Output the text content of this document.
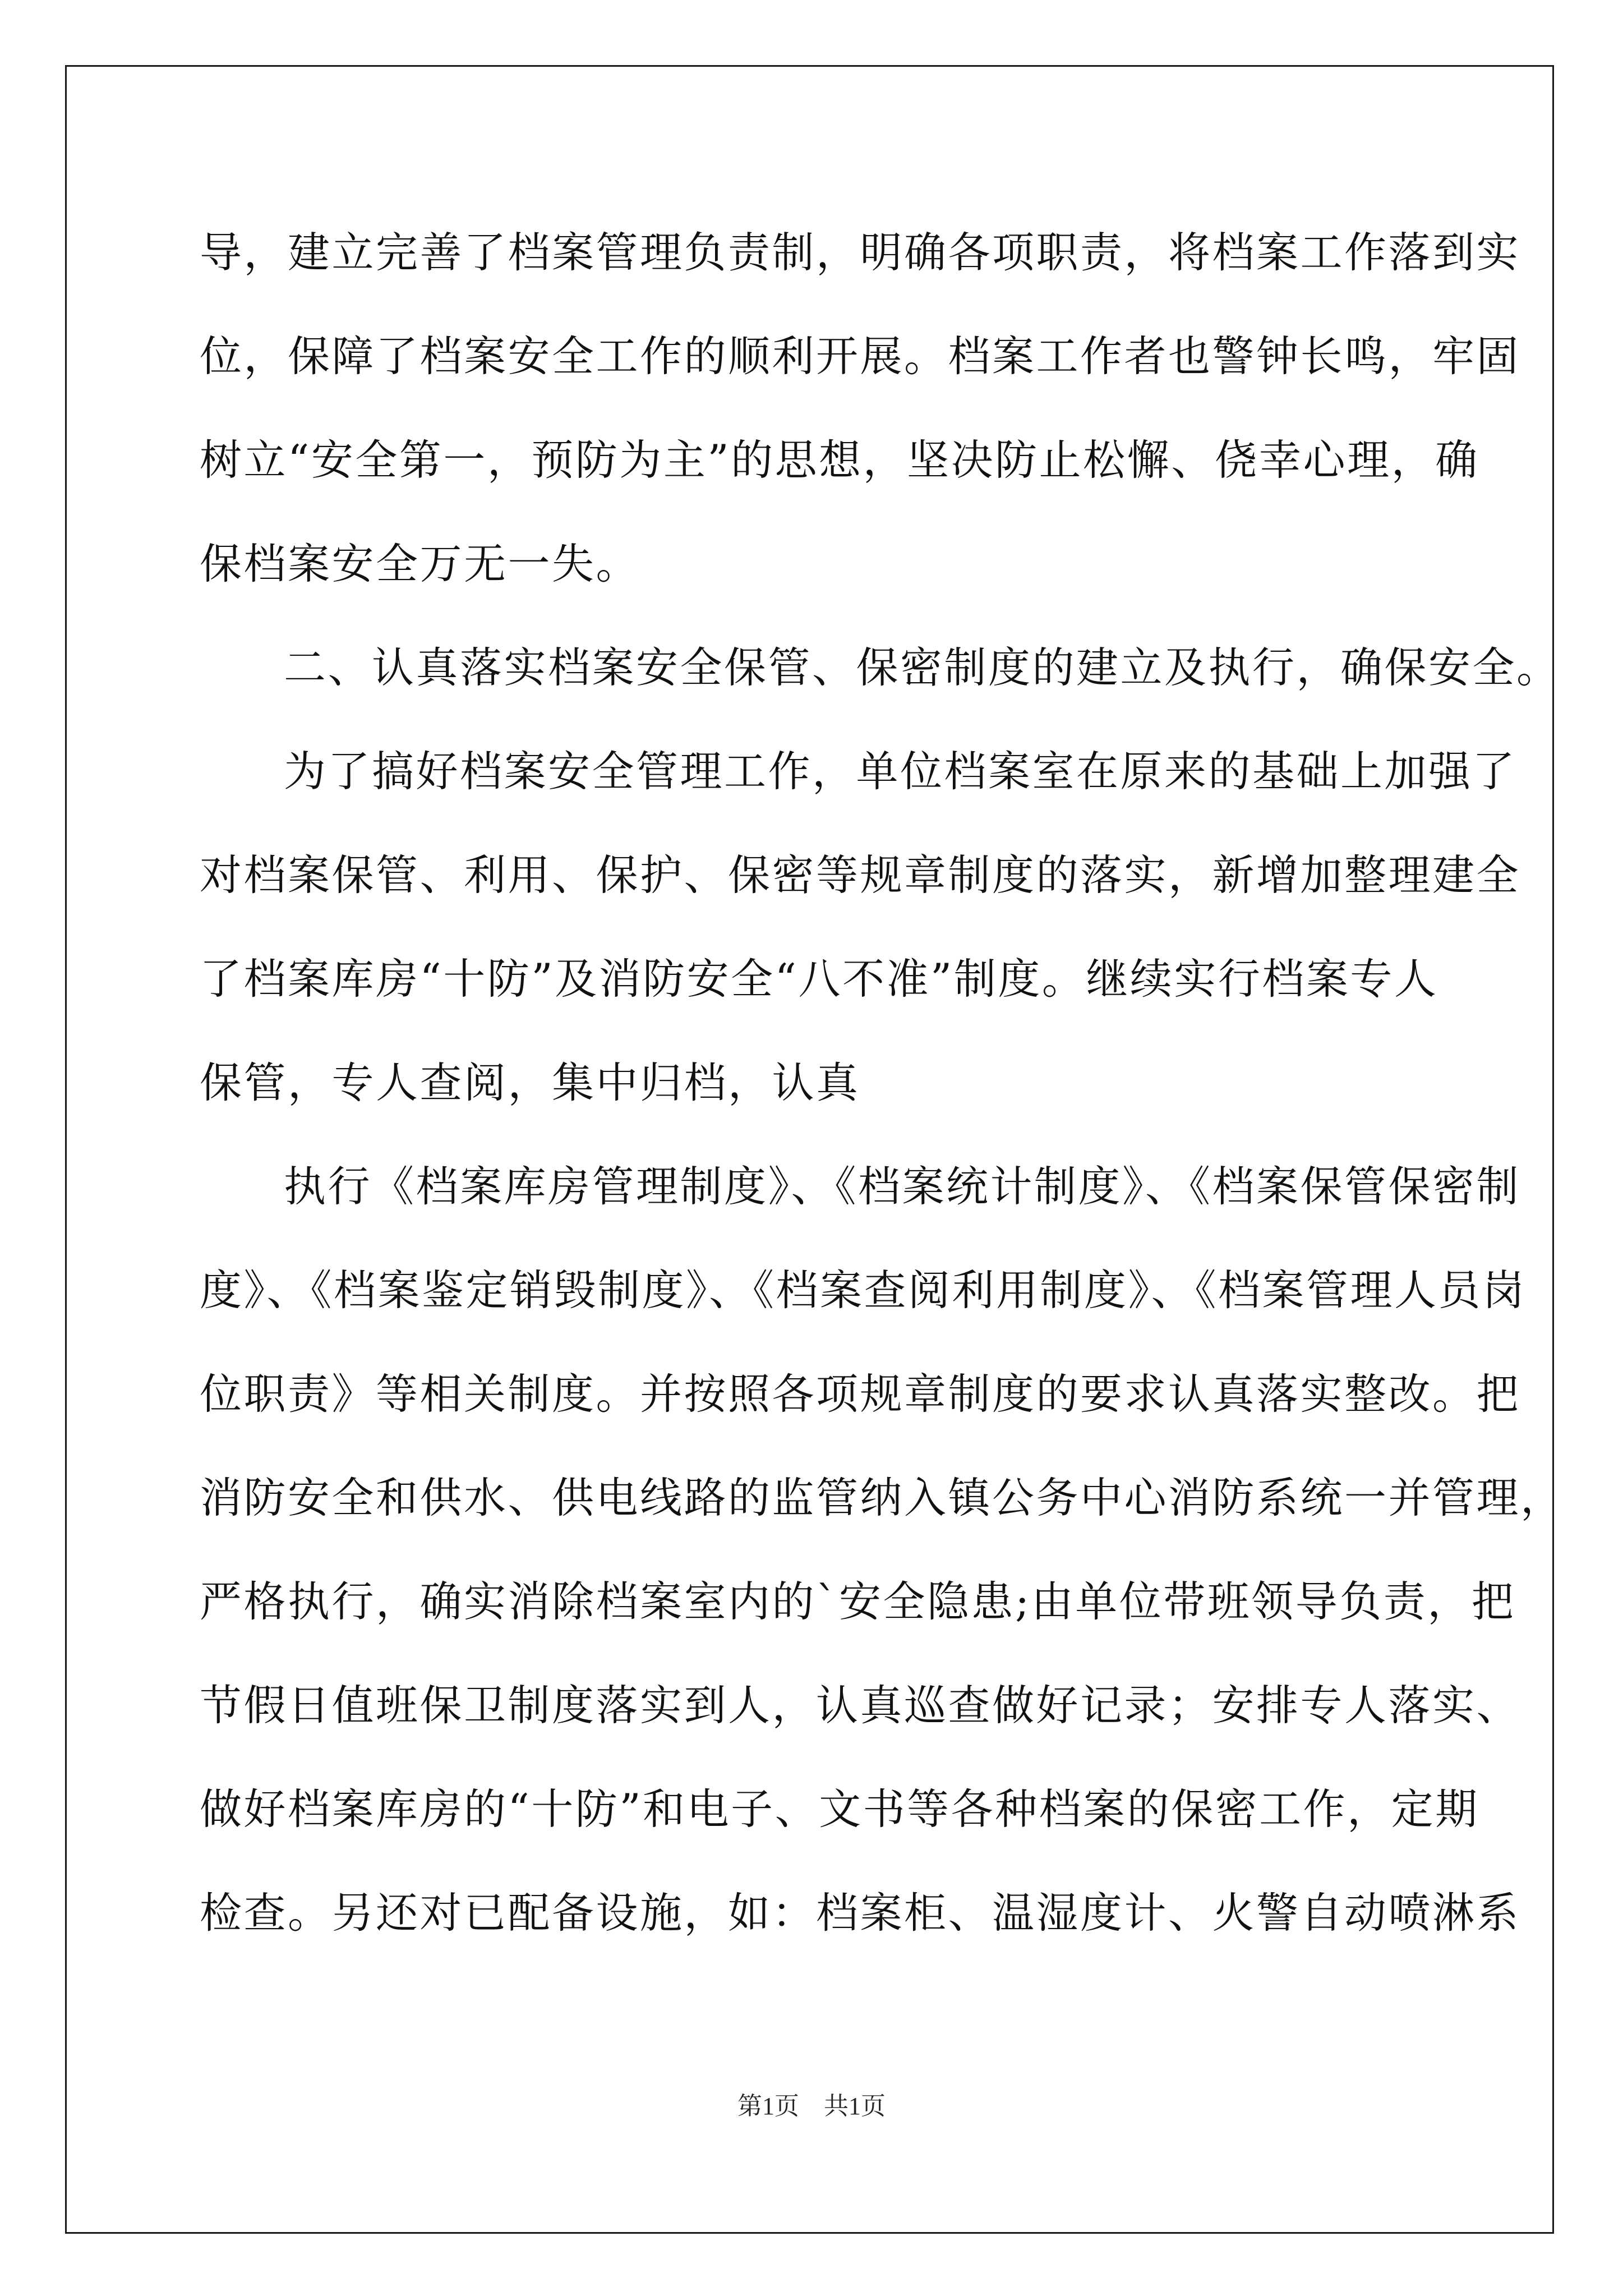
导，建立完善了档案管理负责制，明确各项职责，将档案工作落到实
位，保障了档案安全工作的顺利开展。档案工作者也警钟长鸣，牢固
树立“安全第一，预防为主”的思想，坚决防止松懈、侥幸心理，确
保档案安全万无一失。
二、认真落实档案安全保管、保密制度的建立及执行，确保安全。
为了搞好档案安全管理工作，单位档案室在原来的基础上加强了
对档案保管、利用、保护、保密等规章制度的落实，新增加整理建全
了档案库房“十防”及消防安全“八不准”制度。继续实行档案专人
保管，专人查阅，集中归档，认真
执行《档案库房管理制度》、《档案统计制度》、《档案保管保密制
度》、《档案鉴定销毁制度》、《档案查阅利用制度》、《档案管理人员岗
位职责》等相关制度。并按照各项规章制度的要求认真落实整改。把
消防安全和供水、供电线路的监管纳入镇公务中心消防系统一并管理，
严格执行，确实消除档案室内的`安全隐患;由单位带班领导负责，把
节假日值班保卫制度落实到人，认真巡查做好记录；安排专人落实、
做好档案库房的“十防”和电子、文书等各种档案的保密工作，定期
检查。另还对已配备设施，如：档案柜、温湿度计、火警自动喷淋系
第1页　共1页
